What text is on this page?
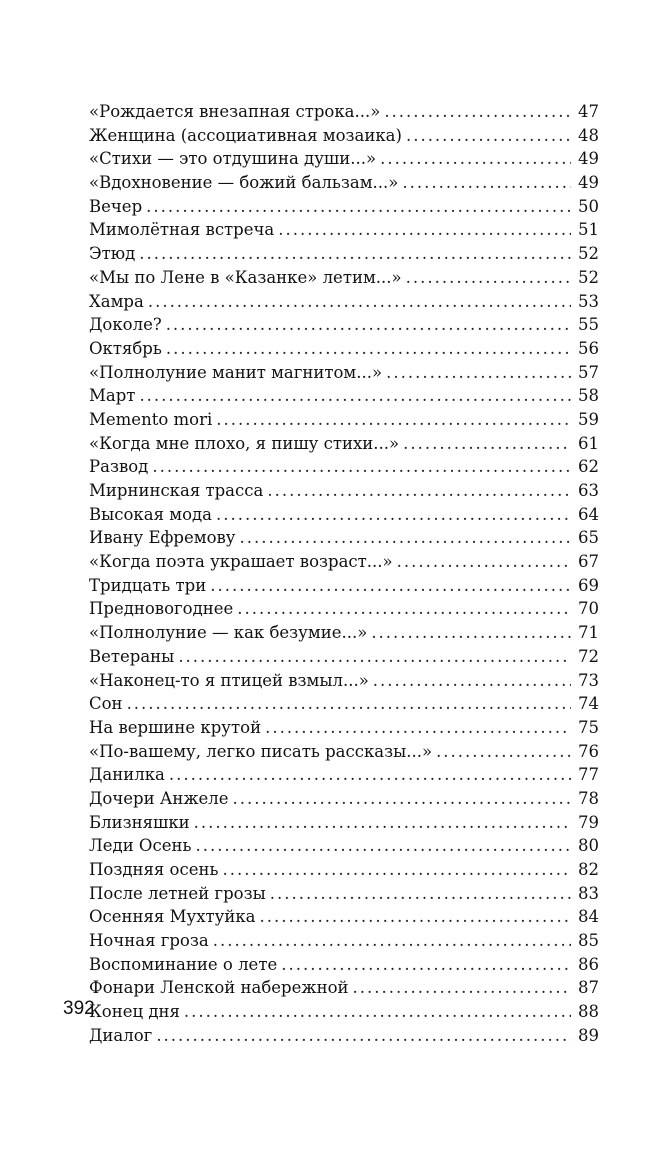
«Рождается внезапная строка...» .....	47
Женщина (ассоциативная мозаика) .....	48
«Стихи — это отдушина души...» .....	49
«Вдохновение — божий бальзам...» .....	49
Вечер .....	50
Мимолётная встреча .....	51
Этюд .....	52
«Мы по Лене в «Казанке» летим...» .....	52
Хамра .....	53
Доколе? .....	55
Октябрь .....	56
«Полнолуние манит магнитом...» .....	57
Март .....	58
Memento mori .....	59
«Когда мне плохо, я пишу стихи...» .....	61
Развод .....	62
Мирнинская трасса .....	63
Высокая мода .....	64
Ивану Ефремову .....	65
«Когда поэта украшает возраст...» .....	67
Тридцать три .....	69
Предновогоднее .....	70
«Полнолуние — как безумие...» .....	71
Ветераны .....	72
«Наконец-то я птицей взмыл...» .....	73
Сон .....	74
На вершине крутой .....	75
«По-вашему, легко писать рассказы...» .....	76
Данилка .....	77
Дочери Анжеле .....	78
Близняшки .....	79
Леди Осень .....	80
Поздняя осень .....	82
После летней грозы .....	83
Осенняя Мухтуйка .....	84
Ночная гроза .....	85
Воспоминание о лете .....	86
Фонари Ленской набережной .....	87
Конец дня .....	88
Диалог .....	89
392
